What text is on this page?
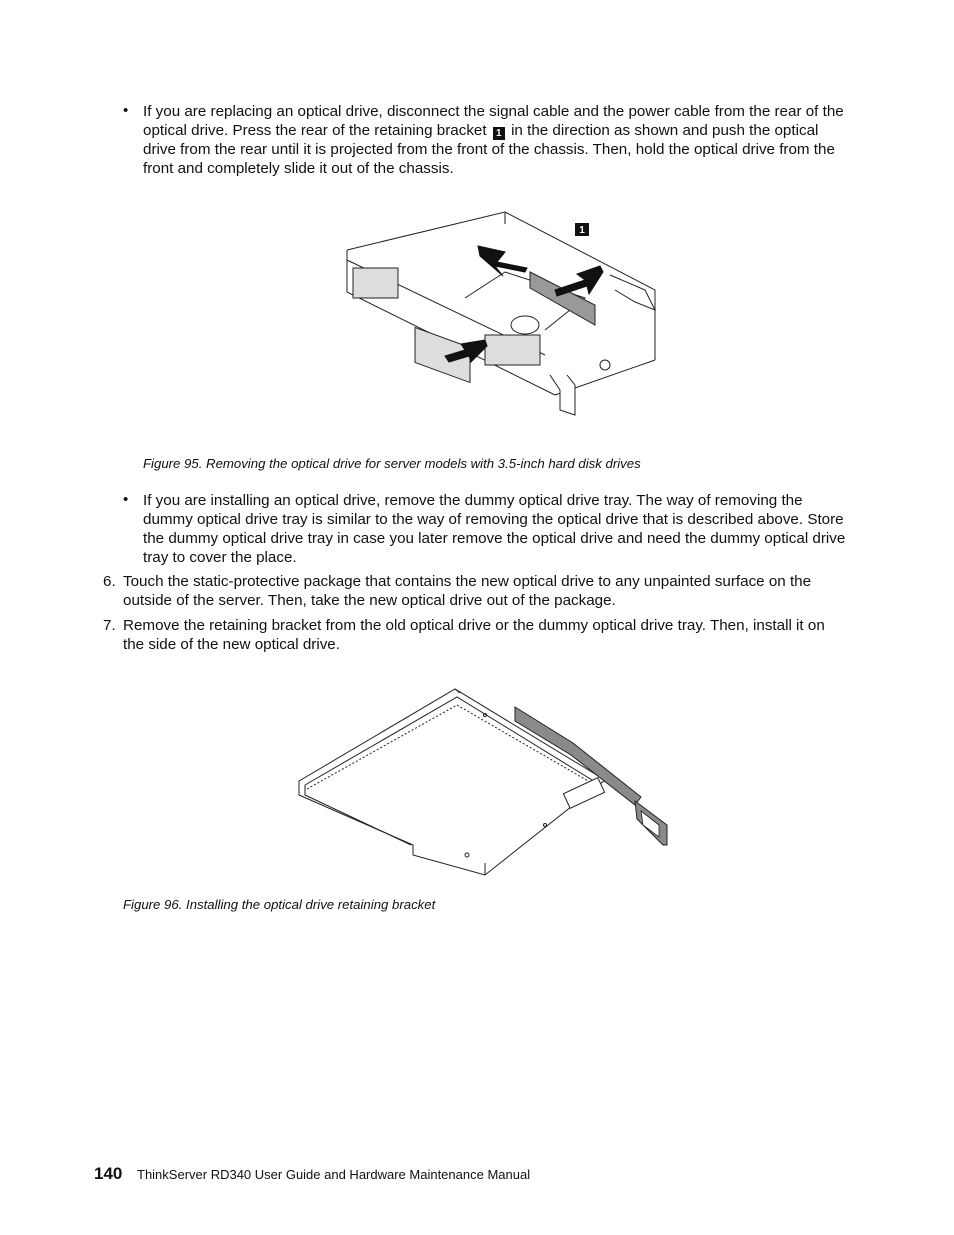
• If you are replacing an optical drive, disconnect the signal cable and the power cable from the rear of the optical drive. Press the rear of the retaining bracket 1 in the direction as shown and push the optical drive from the rear until it is projected from the front of the chassis. Then, hold the optical drive from the front and completely slide it out of the chassis.
1
Figure 95. Removing the optical drive for server models with 3.5-inch hard disk drives
• If you are installing an optical drive, remove the dummy optical drive tray. The way of removing the dummy optical drive tray is similar to the way of removing the optical drive that is described above. Store the dummy optical drive tray in case you later remove the optical drive and need the dummy optical drive tray to cover the place.
6. Touch the static-protective package that contains the new optical drive to any unpainted surface on the outside of the server. Then, take the new optical drive out of the package.
7. Remove the retaining bracket from the old optical drive or the dummy optical drive tray. Then, install it on the side of the new optical drive.
Figure 96. Installing the optical drive retaining bracket
140 ThinkServer RD340 User Guide and Hardware Maintenance Manual
